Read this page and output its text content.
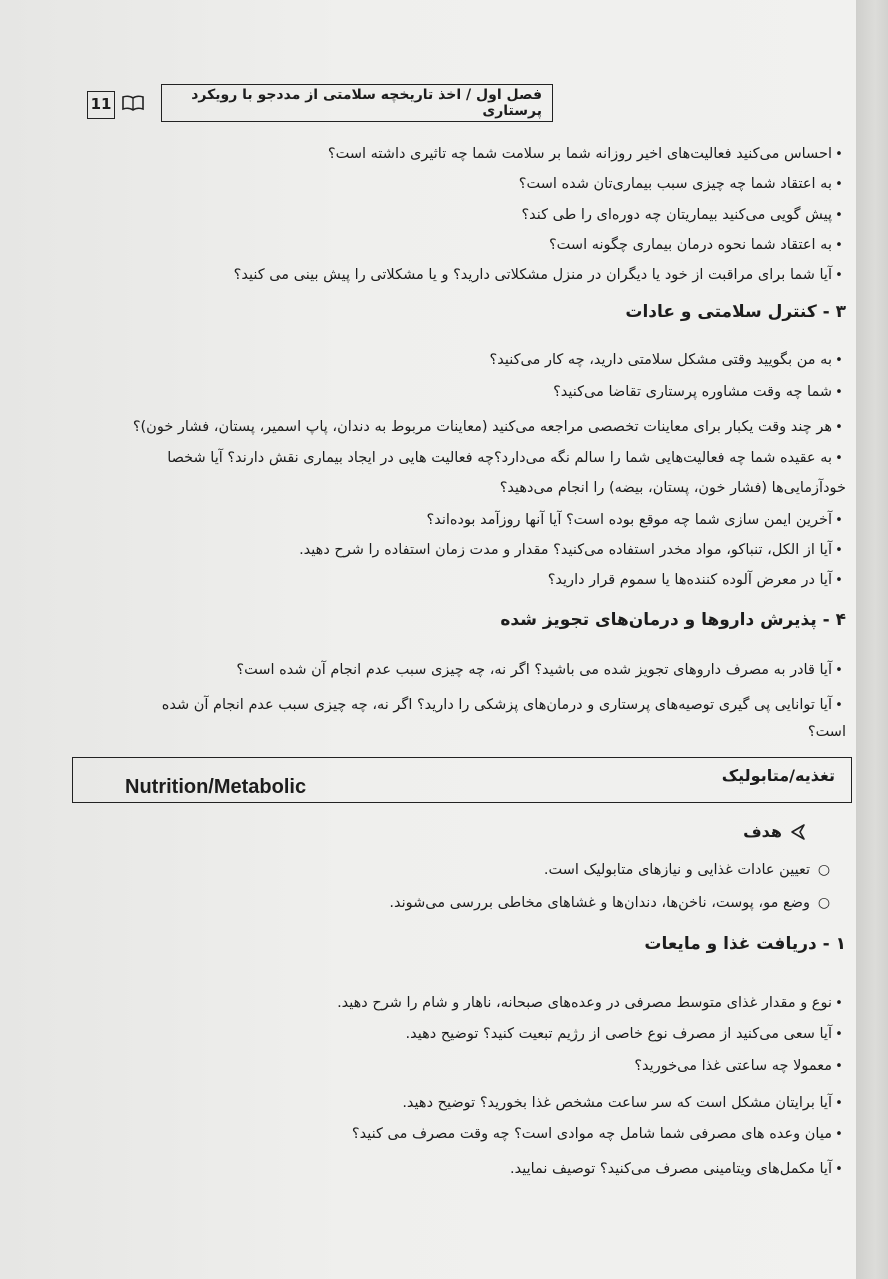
فصل اول / اخذ تاریخچه سلامتی از مددجو با رویکرد پرستاری
11
•احساس می‌کنید فعالیت‌های اخیر روزانه شما بر سلامت شما چه تاثیری داشته است؟
•به اعتقاد شما چه چیزی سبب بیماری‌تان شده است؟
•پیش گویی می‌کنید بیماریتان چه دوره‌ای را طی کند؟
•به اعتقاد شما نحوه درمان بیماری چگونه است؟
•آیا شما برای مراقبت از خود یا دیگران در منزل مشکلاتی دارید؟ و یا مشکلاتی را پیش بینی می کنید؟
۳ - کنترل سلامتی و عادات
•به من بگویید وقتی مشکل سلامتی دارید، چه کار می‌کنید؟
•شما چه وقت مشاوره پرستاری تقاضا می‌کنید؟
•هر چند وقت یکبار برای معاینات تخصصی مراجعه می‌کنید (معاینات مربوط به دندان، پاپ اسمیر، پستان، فشار خون)؟
•به عقیده شما چه فعالیت‌هایی شما را سالم نگه می‌دارد؟چه فعالیت هایی در ایجاد بیماری نقش دارند؟ آیا شخصا
خودآزمایی‌ها (فشار خون، پستان، بیضه) را انجام می‌دهید؟
•آخرین ایمن سازی شما چه موقع بوده است؟ آیا آنها روزآمد بوده‌اند؟
•آیا از الکل، تنباکو، مواد مخدر استفاده می‌کنید؟ مقدار و مدت زمان استفاده را شرح دهید.
•آیا در معرض آلوده کننده‌ها یا سموم قرار دارید؟
۴ - پذیرش داروها و درمان‌های تجویز شده
•آیا قادر به مصرف داروهای تجویز شده می باشید؟ اگر نه، چه چیزی سبب عدم انجام آن شده است؟
•آیا توانایی پی گیری توصیه‌های پرستاری و درمان‌های پزشکی را دارید؟ اگر نه، چه چیزی سبب عدم انجام آن شده
است؟
تغذیه/متابولیک
Nutrition/Metabolic
هدف
○تعیین عادات غذایی و نیازهای متابولیک است.
○وضع مو، پوست، ناخن‌ها، دندان‌ها و غشاهای مخاطی بررسی می‌شوند.
۱ - دریافت غذا و مایعات
•نوع و مقدار غذای متوسط مصرفی در وعده‌های صبحانه، ناهار و شام را شرح دهید.
•آیا سعی می‌کنید از مصرف نوع خاصی از رژیم تبعیت کنید؟ توضیح دهید.
•معمولا چه ساعتی غذا می‌خورید؟
•آیا برایتان مشکل است که سر ساعت مشخص غذا بخورید؟ توضیح دهید.
•میان وعده های مصرفی شما شامل چه موادی است؟ چه وقت مصرف می کنید؟
•آیا مکمل‌های ویتامینی مصرف می‌کنید؟ توصیف نمایید.
